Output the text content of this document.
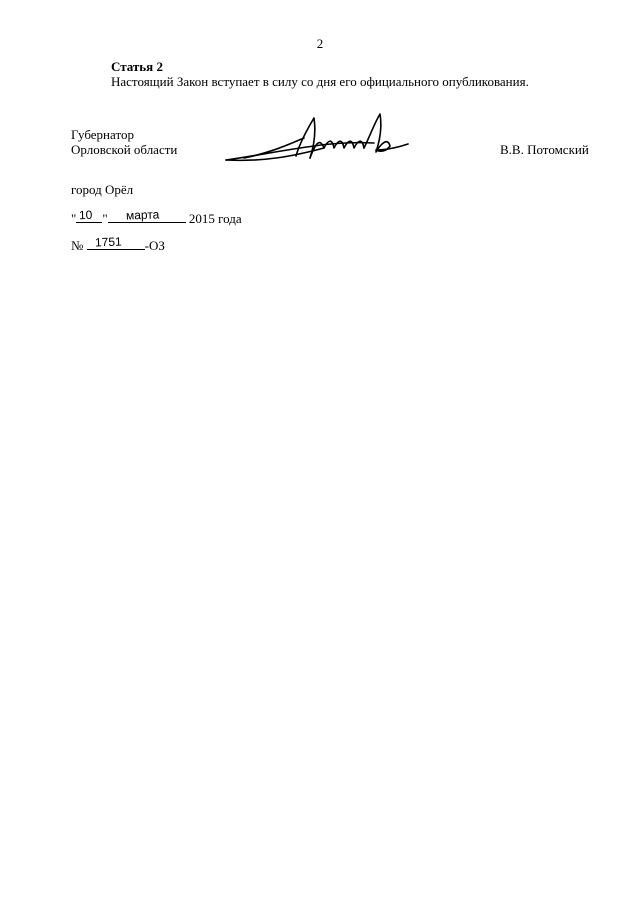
2
Статья 2
Настоящий Закон вступает в силу со дня его официального опубликования.
Губернатор
Орловской области	В.В. Потомский
город Орёл
" 10 " марта 2015 года
№ 1751 -ОЗ
